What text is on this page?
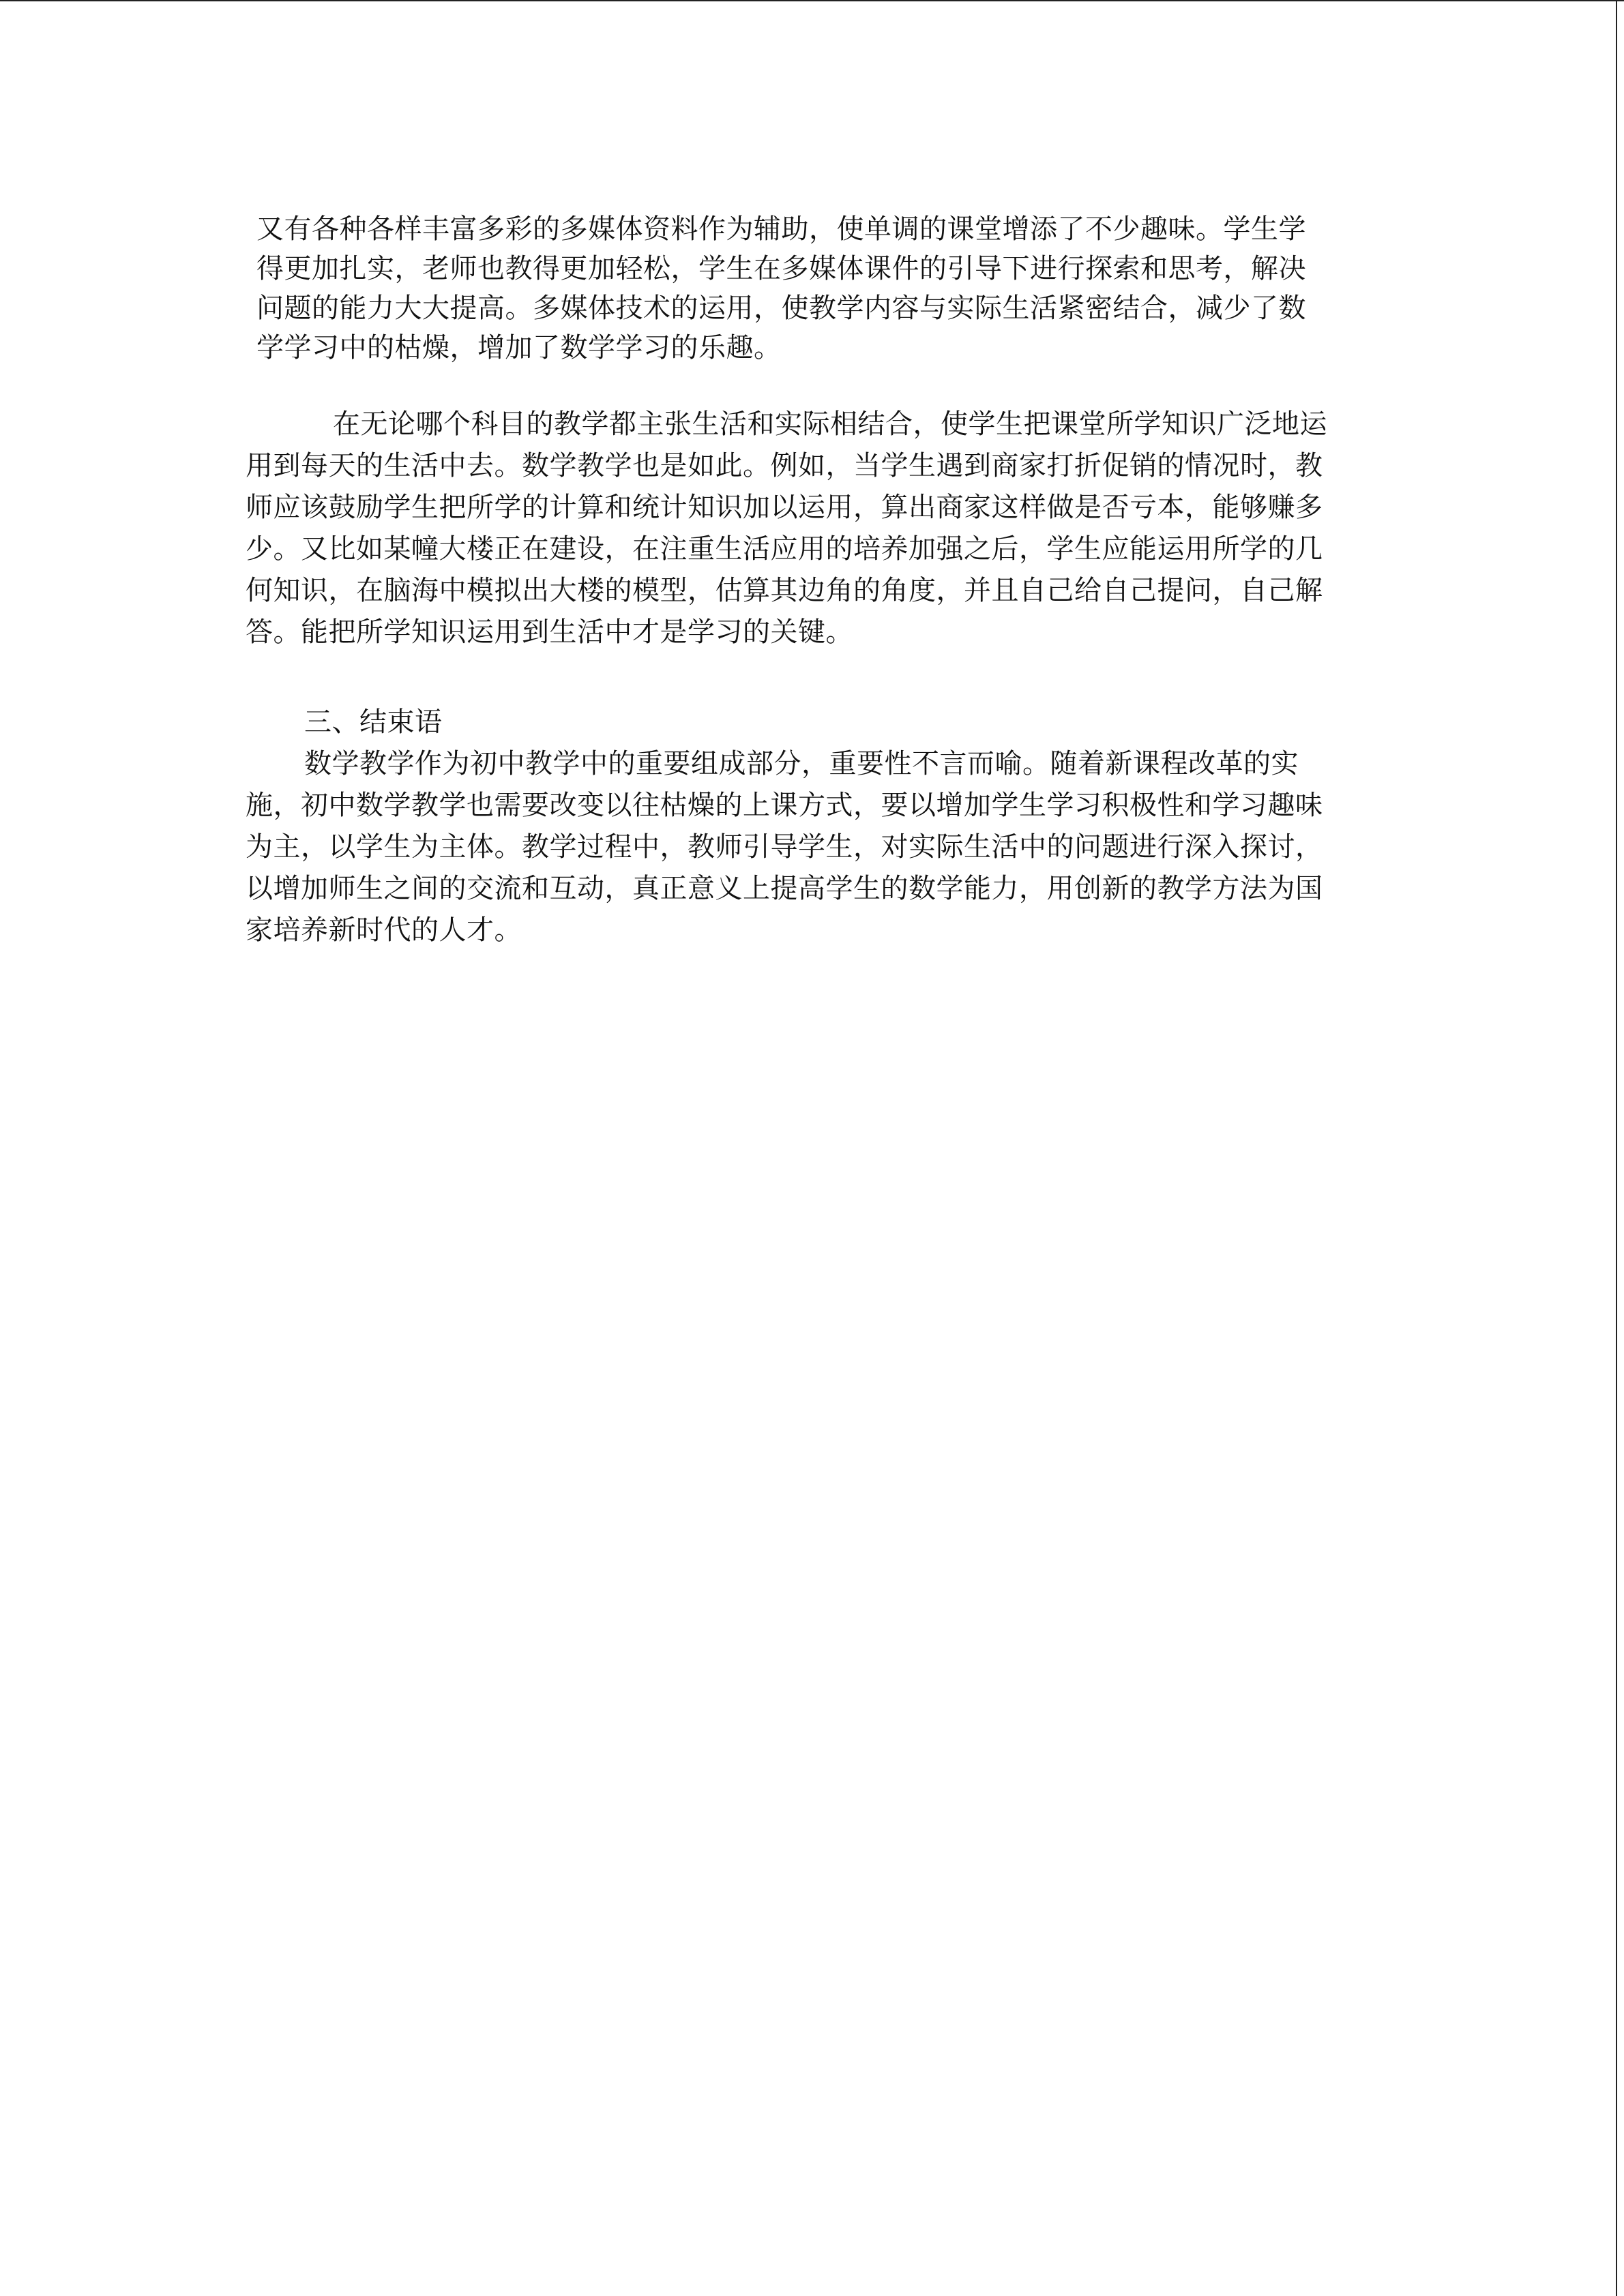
又有各种各样丰富多彩的多媒体资料作为辅助，使单调的课堂增添了不少趣味。学生学

得更加扎实，老师也教得更加轻松，学生在多媒体课件的引导下进行探索和思考，解决

问题的能力大大提高。多媒体技术的运用，使教学内容与实际生活紧密结合，减少了数

学学习中的枯燥，增加了数学学习的乐趣。

在无论哪个科目的教学都主张生活和实际相结合，使学生把课堂所学知识广泛地运

用到每天的生活中去。数学教学也是如此。例如，当学生遇到商家打折促销的情况时，教

师应该鼓励学生把所学的计算和统计知识加以运用，算出商家这样做是否亏本，能够赚多

少。又比如某幢大楼正在建设，在注重生活应用的培养加强之后，学生应能运用所学的几

何知识，在脑海中模拟出大楼的模型，估算其边角的角度，并且自己给自己提问，自己解

答。能把所学知识运用到生活中才是学习的关键。

三、结束语

数学教学作为初中教学中的重要组成部分，重要性不言而喻。随着新课程改革的实

施，初中数学教学也需要改变以往枯燥的上课方式，要以增加学生学习积极性和学习趣味

为主，以学生为主体。教学过程中，教师引导学生，对实际生活中的问题进行深入探讨，

以增加师生之间的交流和互动，真正意义上提高学生的数学能力，用创新的教学方法为国

家培养新时代的人才。
